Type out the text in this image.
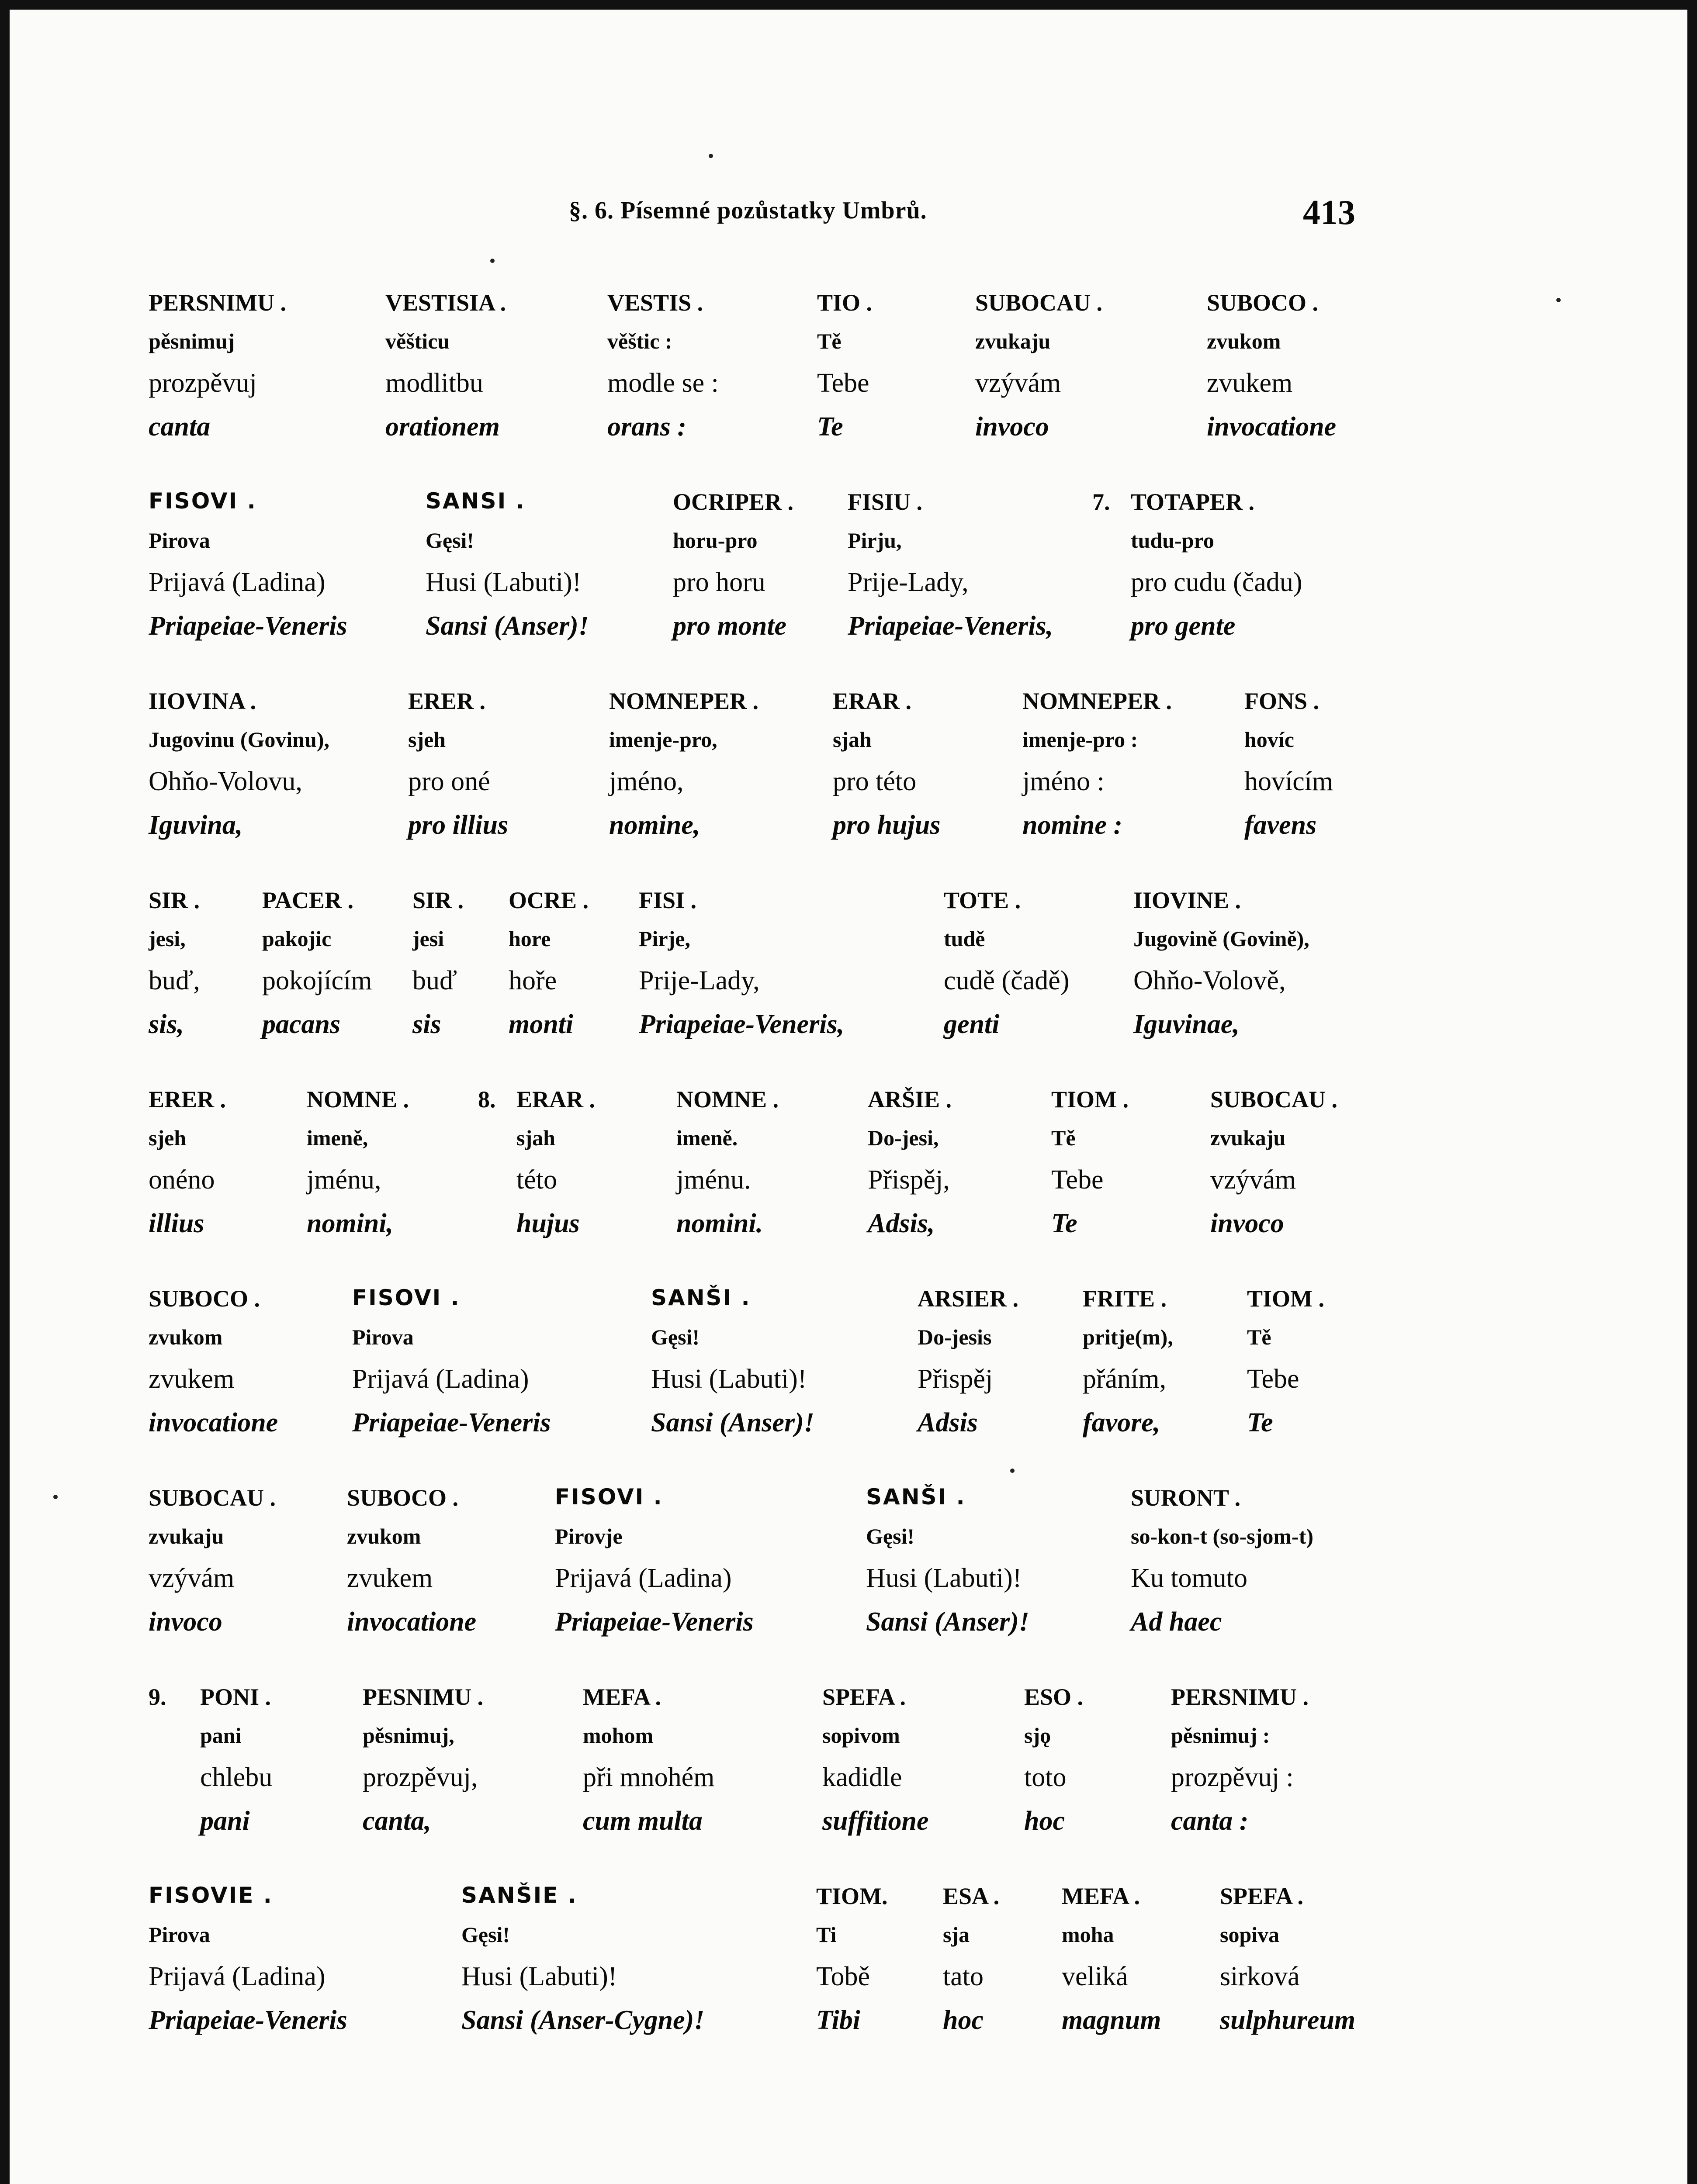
§. 6. Písemné pozůstatky Umbrů.	413
PERSNIMU .
pěsnimuj
prozpěvuj
canta
VESTISIA .
věšticu
modlitbu
orationem
VESTIS .
věštic :
modle se :
orans :
TIO .
Tě
Tebe
Te
SUBOCAU .
zvukaju
vzývám
invoco
SUBOCO .
zvukom
zvukem
invocatione
FISOVI .
Pirova
Prijavá (Ladina)
Priapeiae-Veneris
SANSI .
Gęsi!
Husi (Labuti)!
Sansi (Anser)!
OCRIPER .
horu-pro
pro horu
pro monte
FISIU .
Pirju,
Prije-Lady,
Priapeiae-Veneris,
7. TOTAPER .
tudu-pro
pro cudu (čadu)
pro gente
IIOVINA .
Jugovinu (Govinu),
Ohňo-Volovu,
Iguvina,
ERER .
sjeh
pro oné
pro illius
NOMNEPER .
imenje-pro,
jméno,
nomine,
ERAR .
sjah
pro této
pro hujus
NOMNEPER .
imenje-pro :
jméno :
nomine :
FONS .
hovíc
hovícím
favens
SIR .
jesi,
buď,
sis,
PACER .
pakojic
pokojícím
pacans
SIR .
jesi
buď
sis
OCRE .
hore
hoře
monti
FISI .
Pirje,
Prije-Lady,
Priapeiae-Veneris,
TOTE .
tudě
cudě (čadě)
genti
IIOVINE .
Jugovině (Govině),
Ohňo-Volově,
Iguvinae,
ERER .
sjeh
onéno
illius
NOMNE .
imeně,
jménu,
nomini,
8. ERAR .
sjah
této
hujus
NOMNE .
imeně.
jménu.
nomini.
ARŠIE .
Do-jesi,
Přispěj,
Adsis,
TIOM .
Tě
Tebe
Te
SUBOCAU .
zvukaju
vzývám
invoco
SUBOCO .
zvukom
zvukem
invocatione
FISOVI .
Pirova
Prijavá (Ladina)
Priapeiae-Veneris
SANŠI .
Gęsi!
Husi (Labuti)!
Sansi (Anser)!
ARSIER .
Do-jesis
Přispěj
Adsis
FRITE .
pritje(m),
přáním,
favore,
TIOM .
Tě
Tebe
Te
SUBOCAU .
zvukaju
vzývám
invoco
SUBOCO .
zvukom
zvukem
invocatione
FISOVI .
Pirovje
Prijavá (Ladina)
Priapeiae-Veneris
SANŠI .
Gęsi!
Husi (Labuti)!
Sansi (Anser)!
SURONT .
so-kon-t (so-sjom-t)
Ku tomuto
Ad haec
9. PONI .
pani
chlebu
pani
PESNIMU .
pěsnimuj,
prozpěvuj,
canta,
MEFA .
mohom
při mnohém
cum multa
SPEFA .
sopivom
kadidle
suffitione
ESO .
sjǫ
toto
hoc
PERSNIMU .
pěsnimuj :
prozpěvuj :
canta :
FISOVIE .
Pirova
Prijavá (Ladina)
Priapeiae-Veneris
SANŠIE .
Gęsi!
Husi (Labuti)!
Sansi (Anser-Cygne)!
TIOM.
Ti
Tobě
Tibi
ESA .
sja
tato
hoc
MEFA .
moha
veliká
magnum
SPEFA .
sopiva
sirková
sulphureum
